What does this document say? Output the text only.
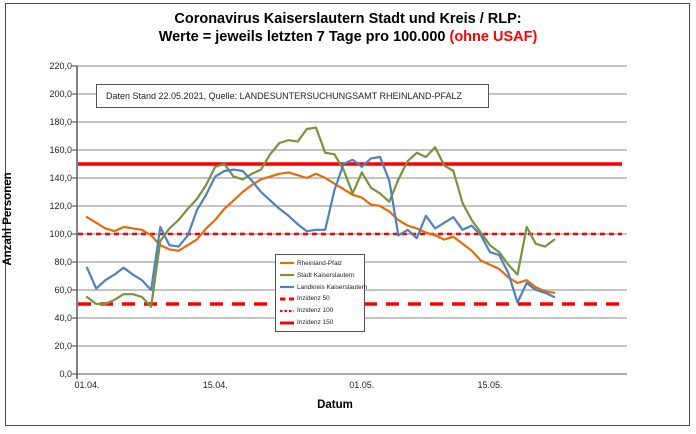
Coronavirus Kaiserslautern Stadt und Kreis / RLP:
Werte = jeweils letzten 7 Tage pro 100.000 (ohne USAF)
Daten Stand 22.05.2021, Quelle: LANDESUNTERSUCHUNGSAMT RHEINLAND-PFALZ
Anzahl Personen
Datum
220,0
200,0
180,0
160,0
140,0
120,0
100,0
80,0
60,0
40,0
20,0
0,0
01.04.	15.04.	01.05.	15.05.
Rheinland-Pfalz
Stadt Kaiserslautern
Landkreis Kaiserslautern
Inzidenz 50
Inzidenz 100
Inzidenz 150
